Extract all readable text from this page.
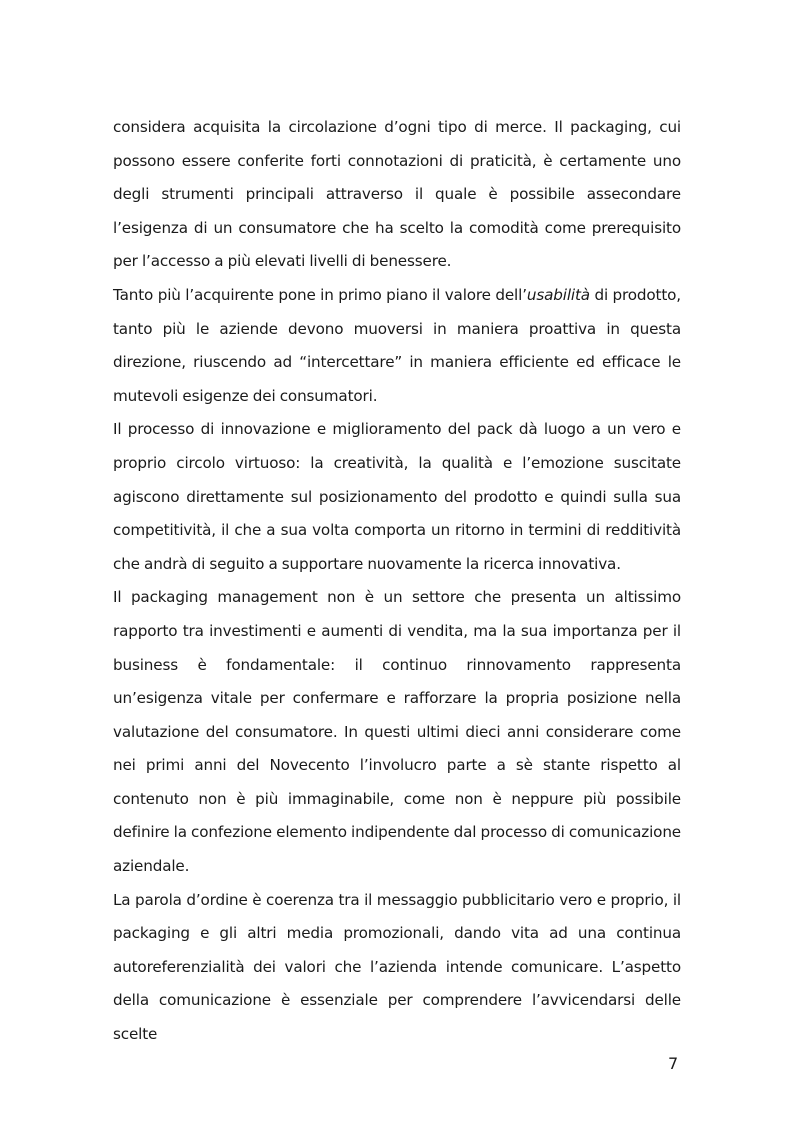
considera acquisita la circolazione d’ogni tipo di merce. Il packaging, cui possono essere conferite forti connotazioni di praticità, è certamente uno degli strumenti principali attraverso il quale è possibile assecondare l’esigenza di un consumatore che ha scelto la comodità come prerequisito per l’accesso a più elevati livelli di benessere.

Tanto più l’acquirente pone in primo piano il valore dell’usabilità di prodotto, tanto più le aziende devono muoversi in maniera proattiva in questa direzione, riuscendo ad “intercettare” in maniera efficiente ed efficace le mutevoli esigenze dei consumatori.

Il processo di innovazione e miglioramento del pack dà luogo a un vero e proprio circolo virtuoso: la creatività, la qualità e l’emozione suscitate agiscono direttamente sul posizionamento del prodotto e quindi sulla sua competitività, il che a sua volta comporta un ritorno in termini di redditività che andrà di seguito a supportare nuovamente la ricerca innovativa.

Il packaging management non è un settore che presenta un altissimo rapporto tra investimenti e aumenti di vendita, ma la sua importanza per il business è fondamentale: il continuo rinnovamento rappresenta un’esigenza vitale per confermare e rafforzare la propria posizione nella valutazione del consumatore. In questi ultimi dieci anni considerare come nei primi anni del Novecento l’involucro parte a sè stante rispetto al contenuto non è più immaginabile, come non è neppure più possibile definire la confezione elemento indipendente dal processo di comunicazione aziendale.

La parola d’ordine è coerenza tra il messaggio pubblicitario vero e proprio, il packaging e gli altri media promozionali, dando vita ad una continua autoreferenzialità dei valori che l’azienda intende comunicare. L’aspetto della comunicazione è essenziale per comprendere l’avvicendarsi delle scelte

7
